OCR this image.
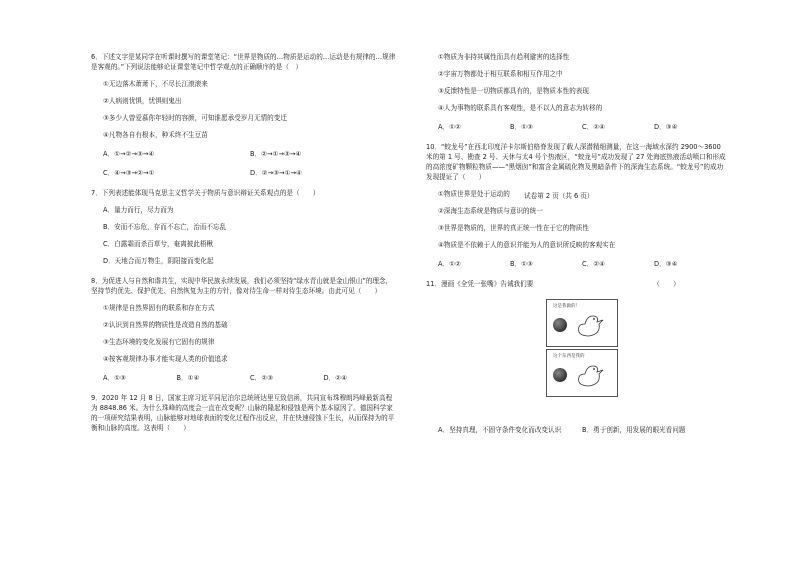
6．下述文字是某同学在听课时撰写的课堂笔记：“世界是物质的…物质是运动的…运动是有规律的…规律是客观的。”下列说法能够论证课堂笔记中哲学观点的正确顺序的是（　）
①无边落木萧萧下，不尽长江滚滚来
②人病则忧惧，忧惧则鬼出
③多少人曾爱慕你年轻时的容颜，可知谁愿承受岁月无情的变迁
④凡物各自有根本，种禾终不生豆苗
A．①→②→③→④	B．②→①→③→④
C．④→③→②→①	D．②→③→①→④
7．下列表述能体现马克思主义哲学关于物质与意识辩证关系观点的是（　　）
A．量力而行，尽力而为
B．安而不忘危，存而不忘亡，治而不忘乱
C．白露霜而杀百草兮，奄离披此梧楸
D．天地合而万物生，阴阳接而变化起
8．为促进人与自然和谐共生，实现中华民族永续发展，我们必须坚持“绿水青山就是金山银山”的理念，坚持节约优先、保护优先、自然恢复为主的方针，像对待生命一样对待生态环境。由此可见（　　）
①规律是自然界固有的联系和存在方式
②认识到自然界的物质性是改造自然的基础
③生态环境的变化发展有它固有的规律
④按客观规律办事才能实现人类的价值追求
A．①③	B．①④	C．②③	D．②④
9．2020 年 12 月 8 日，国家主席习近平同尼泊尔总统班达里互致信函，共同宣布珠穆朗玛峰最新高程为 8848.86 米。为什么珠峰的高度会一直在改变呢？山脉的隆起和侵蚀是两个基本原因了。德国科学家的一项研究结果表明，山脉能够对地球表面的变化过程作出反应，并在快速侵蚀下生长，从而保持为的平衡和山脉的高度。这表明（　　）
①物质为非持其属性而具有趋利避害的选择性
②宇宙万物都处于相互联系和相互作用之中
③反馈特性是一切物质都具有的，是物质本性的表现
④人为事物的联系具有客观性，是不以人的意志为转移的
A．①②	B．①③	C．②④	D．③④
10．“蛟龙号”在西北印度洋卡尔斯伯格脊发现了载人深潜精细测量，在这一海域水深约 2900～3600 米的第 1 号、勘查 2 号、天休与太4 号个热液区，“蛟龙号”成功发现了 27 处海底热液活动喷口和形成的高浓度矿物颗粒物质——“黑烟囱”和富含金属硫化物及黑暗条件下的深海生态系统。“蛟龙号”的成功发现提证了（　　）
①物质世界是处于运动的
②深海生态系统是物质与意识的统一
③世界是物质的，世界的真正统一性在于它的物质性
④物质是不依赖于人的意识并能为人的意识所反映的客观实在
A．①②	B．①③	C．②④	D．③④
11．漫画《全凭一张嘴》告诫我们要	（　　）
这是我做的！
这个东西是我的
A．坚持真理，不固守条件变化而改变认识	B．勇于创新，用发展的眼光看问题
试卷第 2 页（共 6 页）
